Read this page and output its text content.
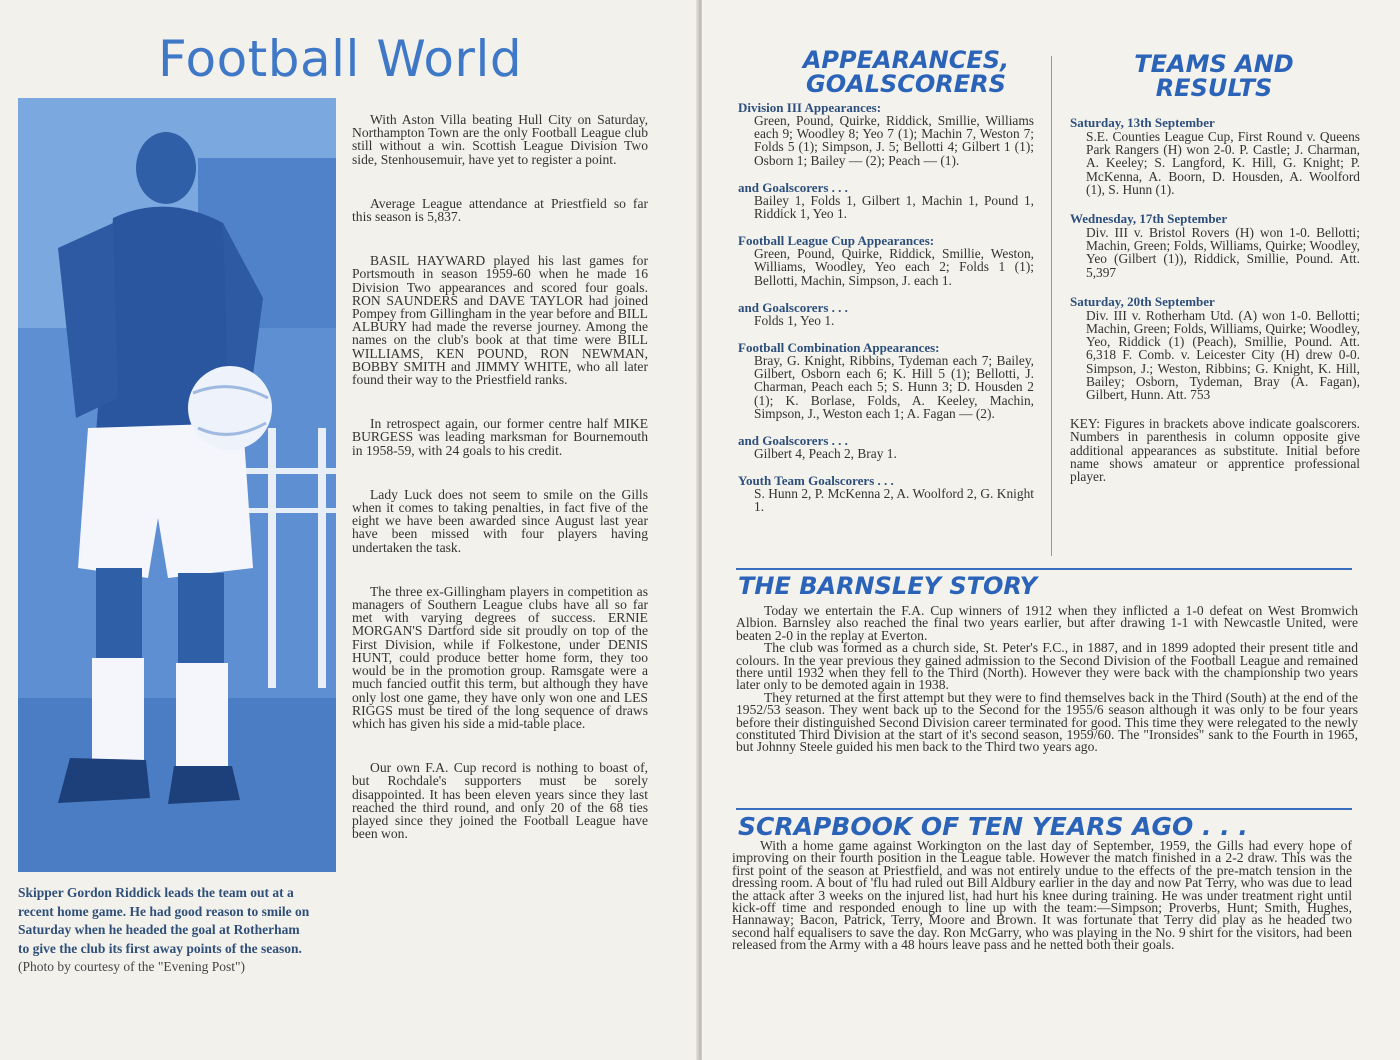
Football World
Skipper Gordon Riddick leads the team out at a recent home game. He had good reason to smile on Saturday when he headed the goal at Rotherham to give the club its first away points of the season.
(Photo by courtesy of the "Evening Post")

With Aston Villa beating Hull City on Saturday, Northampton Town are the only Football League club still without a win. Scottish League Division Two side, Stenhousemuir, have yet to register a point.

Average League attendance at Priestfield so far this season is 5,837.

BASIL HAYWARD played his last games for Portsmouth in season 1959-60 when he made 16 Division Two appearances and scored four goals. RON SAUNDERS and DAVE TAYLOR had joined Pompey from Gillingham in the year before and BILL ALBURY had made the reverse journey. Among the names on the club's book at that time were BILL WILLIAMS, KEN POUND, RON NEWMAN, BOBBY SMITH and JIMMY WHITE, who all later found their way to the Priestfield ranks.

In retrospect again, our former centre half MIKE BURGESS was leading marksman for Bournemouth in 1958-59, with 24 goals to his credit.

Lady Luck does not seem to smile on the Gills when it comes to taking penalties, in fact five of the eight we have been awarded since August last year have been missed with four players having undertaken the task.

The three ex-Gillingham players in competition as managers of Southern League clubs have all so far met with varying degrees of success. ERNIE MORGAN'S Dartford side sit proudly on top of the First Division, while if Folkestone, under DENIS HUNT, could produce better home form, they too would be in the promotion group. Ramsgate were a much fancied outfit this term, but although they have only lost one game, they have only won one and LES RIGGS must be tired of the long sequence of draws which has given his side a mid-table place.

Our own F.A. Cup record is nothing to boast of, but Rochdale's supporters must be sorely disappointed. It has been eleven years since they last reached the third round, and only 20 of the 68 ties played since they joined the Football League have been won.

APPEARANCES,
GOALSCORERS
TEAMS AND
RESULTS
Division III Appearances:
Green, Pound, Quirke, Riddick, Smillie, Williams each 9; Woodley 8; Yeo 7 (1); Machin 7, Weston 7; Folds 5 (1); Simpson, J. 5; Bellotti 4; Gilbert 1 (1); Osborn 1; Bailey — (2); Peach — (1).
and Goalscorers . . .
Bailey 1, Folds 1, Gilbert 1, Machin 1, Pound 1, Riddick 1, Yeo 1.
Football League Cup Appearances:
Green, Pound, Quirke, Riddick, Smillie, Weston, Williams, Woodley, Yeo each 2; Folds 1 (1); Bellotti, Machin, Simpson, J. each 1.
and Goalscorers . . .
Folds 1, Yeo 1.
Football Combination Appearances:
Bray, G. Knight, Ribbins, Tydeman each 7; Bailey, Gilbert, Osborn each 6; K. Hill 5 (1); Bellotti, J. Charman, Peach each 5; S. Hunn 3; D. Housden 2 (1); K. Borlase, Folds, A. Keeley, Machin, Simpson, J., Weston each 1; A. Fagan — (2).
and Goalscorers . . .
Gilbert 4, Peach 2, Bray 1.
Youth Team Goalscorers . . .
S. Hunn 2, P. McKenna 2, A. Woolford 2, G. Knight 1.
Saturday, 13th September
S.E. Counties League Cup, First Round v. Queens Park Rangers (H) won 2-0. P. Castle; J. Charman, A. Keeley; S. Langford, K. Hill, G. Knight; P. McKenna, A. Boorn, D. Housden, A. Woolford (1), S. Hunn (1).
Wednesday, 17th September
Div. III v. Bristol Rovers (H) won 1-0. Bellotti; Machin, Green; Folds, Williams, Quirke; Woodley, Yeo (Gilbert (1)), Riddick, Smillie, Pound. Att. 5,397
Saturday, 20th September
Div. III v. Rotherham Utd. (A) won 1-0. Bellotti; Machin, Green; Folds, Williams, Quirke; Woodley, Yeo, Riddick (1) (Peach), Smillie, Pound. Att. 6,318 F. Comb. v. Leicester City (H) drew 0-0. Simpson, J.; Weston, Ribbins; G. Knight, K. Hill, Bailey; Osborn, Tydeman, Bray (A. Fagan), Gilbert, Hunn. Att. 753

KEY: Figures in brackets above indicate goalscorers. Numbers in parenthesis in column opposite give additional appearances as substitute. Initial before name shows amateur or apprentice professional player.

THE BARNSLEY STORY

Today we entertain the F.A. Cup winners of 1912 when they inflicted a 1-0 defeat on West Bromwich Albion. Barnsley also reached the final two years earlier, but after drawing 1-1 with Newcastle United, were beaten 2-0 in the replay at Everton.

The club was formed as a church side, St. Peter's F.C., in 1887, and in 1899 adopted their present title and colours. In the year previous they gained admission to the Second Division of the Football League and remained there until 1932 when they fell to the Third (North). However they were back with the championship two years later only to be demoted again in 1938.

They returned at the first attempt but they were to find themselves back in the Third (South) at the end of the 1952/53 season. They went back up to the Second for the 1955/6 season although it was only to be four years before their distinguished Second Division career terminated for good. This time they were relegated to the newly constituted Third Division at the start of it's second season, 1959/60. The "Ironsides" sank to the Fourth in 1965, but Johnny Steele guided his men back to the Third two years ago.

SCRAPBOOK OF TEN YEARS AGO . . .

With a home game against Workington on the last day of September, 1959, the Gills had every hope of improving on their fourth position in the League table. However the match finished in a 2-2 draw. This was the first point of the season at Priestfield, and was not entirely undue to the effects of the pre-match tension in the dressing room. A bout of 'flu had ruled out Bill Aldbury earlier in the day and now Pat Terry, who was due to lead the attack after 3 weeks on the injured list, had hurt his knee during training. He was under treatment right until kick-off time and responded enough to line up with the team:—Simpson; Proverbs, Hunt; Smith, Hughes, Hannaway; Bacon, Patrick, Terry, Moore and Brown. It was fortunate that Terry did play as he headed two second half equalisers to save the day. Ron McGarry, who was playing in the No. 9 shirt for the visitors, had been released from the Army with a 48 hours leave pass and he netted both their goals.
